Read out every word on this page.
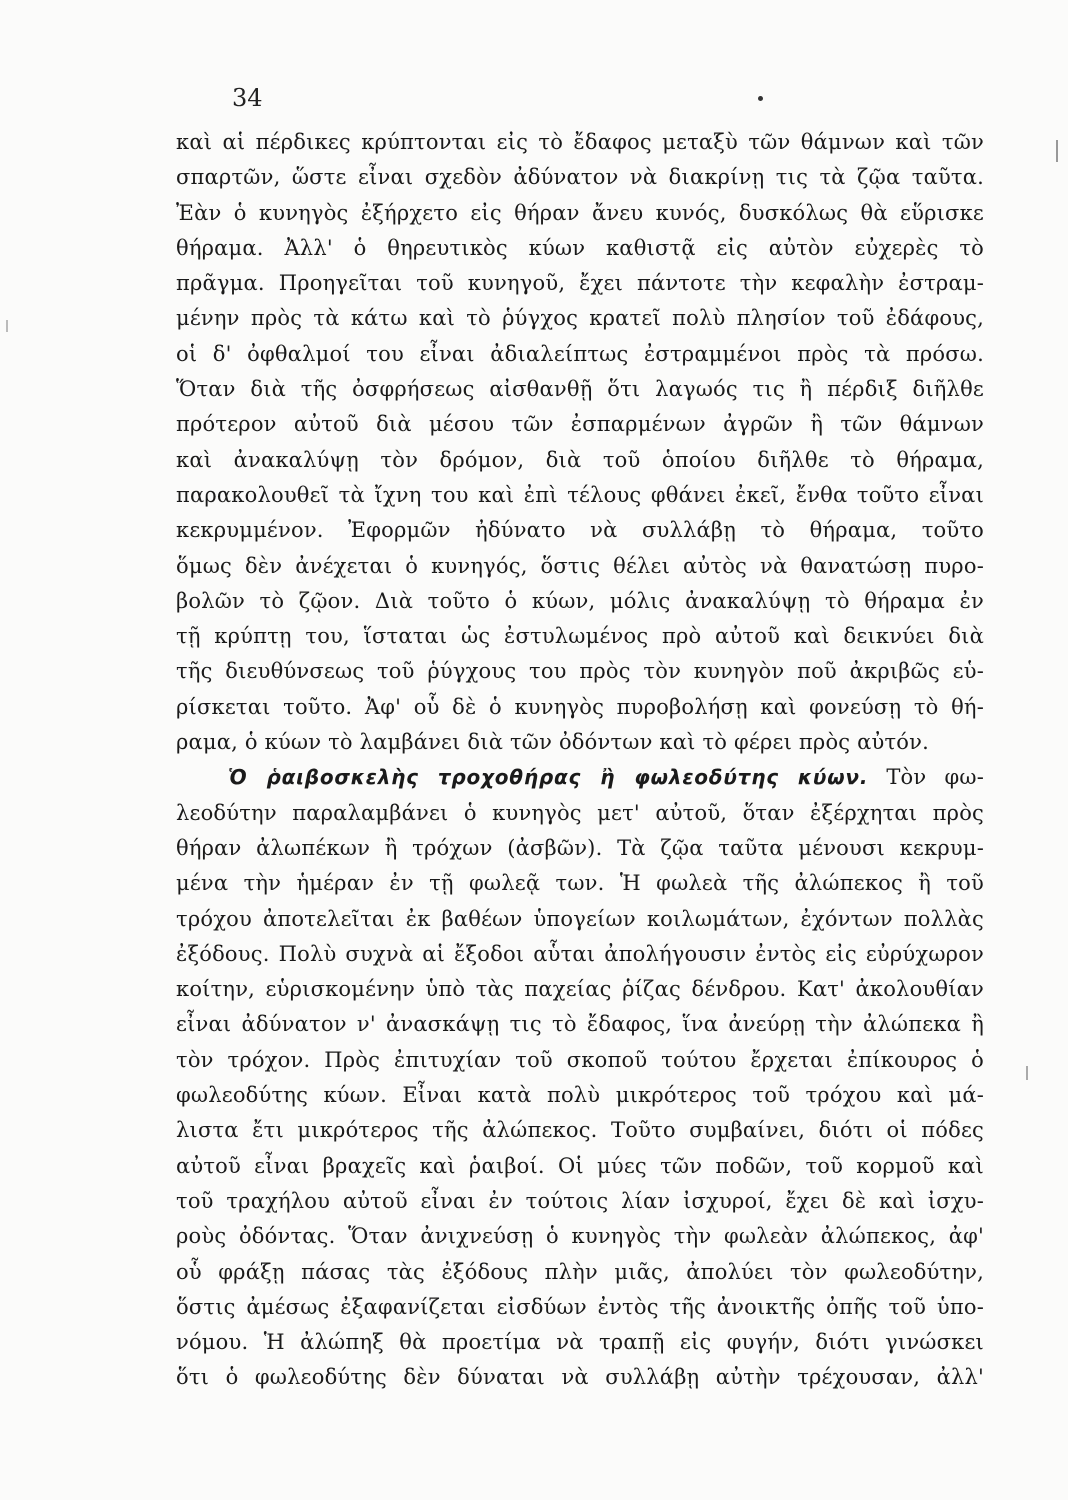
34
καὶ αἱ πέρδικες κρύπτονται εἰς τὸ ἔδαφος μεταξὺ τῶν θάμνων καὶ τῶν
σπαρτῶν, ὥστε εἶναι σχεδὸν ἀδύνατον νὰ διακρίνῃ τις τὰ ζῷα ταῦτα.
Ἐὰν ὁ κυνηγὸς ἐξήρχετο εἰς θήραν ἄνευ κυνός, δυσκόλως θὰ εὕρισκε
θήραμα. Ἀλλ' ὁ θηρευτικὸς κύων καθιστᾷ εἰς αὐτὸν εὐχερὲς τὸ
πρᾶγμα. Προηγεῖται τοῦ κυνηγοῦ, ἔχει πάντοτε τὴν κεφαλὴν ἐστραμ-
μένην πρὸς τὰ κάτω καὶ τὸ ῥύγχος κρατεῖ πολὺ πλησίον τοῦ ἐδάφους,
οἱ δ' ὀφθαλμοί του εἶναι ἀδιαλείπτως ἐστραμμένοι πρὸς τὰ πρόσω.
Ὅταν διὰ τῆς ὀσφρήσεως αἰσθανθῇ ὅτι λαγωός τις ἢ πέρδιξ διῆλθε
πρότερον αὐτοῦ διὰ μέσου τῶν ἐσπαρμένων ἀγρῶν ἢ τῶν θάμνων
καὶ ἀνακαλύψῃ τὸν δρόμον, διὰ τοῦ ὁποίου διῆλθε τὸ θήραμα,
παρακολουθεῖ τὰ ἴχνη του καὶ ἐπὶ τέλους φθάνει ἐκεῖ, ἔνθα τοῦτο εἶναι
κεκρυμμένον. Ἐφορμῶν ἠδύνατο νὰ συλλάβῃ τὸ θήραμα, τοῦτο
ὅμως δὲν ἀνέχεται ὁ κυνηγός, ὅστις θέλει αὐτὸς νὰ θανατώσῃ πυρο-
βολῶν τὸ ζῷον. Διὰ τοῦτο ὁ κύων, μόλις ἀνακαλύψῃ τὸ θήραμα ἐν
τῇ κρύπτῃ του, ἵσταται ὡς ἐστυλωμένος πρὸ αὐτοῦ καὶ δεικνύει διὰ
τῆς διευθύνσεως τοῦ ῥύγχους του πρὸς τὸν κυνηγὸν ποῦ ἀκριβῶς εὑ-
ρίσκεται τοῦτο. Ἀφ' οὗ δὲ ὁ κυνηγὸς πυροβολήσῃ καὶ φονεύσῃ τὸ θή-
ραμα, ὁ κύων τὸ λαμβάνει διὰ τῶν ὀδόντων καὶ τὸ φέρει πρὸς αὐτόν.
Ὁ ῥαιβοσκελὴς τροχοθήρας ἢ φωλεοδύτης κύων. Τὸν φω-
λεοδύτην παραλαμβάνει ὁ κυνηγὸς μετ' αὐτοῦ, ὅταν ἐξέρχηται πρὸς
θήραν ἀλωπέκων ἢ τρόχων (ἀσβῶν). Τὰ ζῷα ταῦτα μένουσι κεκρυμ-
μένα τὴν ἡμέραν ἐν τῇ φωλεᾷ των. Ἡ φωλεὰ τῆς ἀλώπεκος ἢ τοῦ
τρόχου ἀποτελεῖται ἐκ βαθέων ὑπογείων κοιλωμάτων, ἐχόντων πολλὰς
ἐξόδους. Πολὺ συχνὰ αἱ ἔξοδοι αὗται ἀπολήγουσιν ἐντὸς εἰς εὐρύχωρον
κοίτην, εὑρισκομένην ὑπὸ τὰς παχείας ῥίζας δένδρου. Κατ' ἀκολουθίαν
εἶναι ἀδύνατον ν' ἀνασκάψῃ τις τὸ ἔδαφος, ἵνα ἀνεύρῃ τὴν ἀλώπεκα ἢ
τὸν τρόχον. Πρὸς ἐπιτυχίαν τοῦ σκοποῦ τούτου ἔρχεται ἐπίκουρος ὁ
φωλεοδύτης κύων. Εἶναι κατὰ πολὺ μικρότερος τοῦ τρόχου καὶ μά-
λιστα ἔτι μικρότερος τῆς ἀλώπεκος. Τοῦτο συμβαίνει, διότι οἱ πόδες
αὐτοῦ εἶναι βραχεῖς καὶ ῥαιβοί. Οἱ μύες τῶν ποδῶν, τοῦ κορμοῦ καὶ
τοῦ τραχήλου αὐτοῦ εἶναι ἐν τούτοις λίαν ἰσχυροί, ἔχει δὲ καὶ ἰσχυ-
ροὺς ὀδόντας. Ὅταν ἀνιχνεύσῃ ὁ κυνηγὸς τὴν φωλεὰν ἀλώπεκος, ἀφ'
οὗ φράξῃ πάσας τὰς ἐξόδους πλὴν μιᾶς, ἀπολύει τὸν φωλεοδύτην,
ὅστις ἀμέσως ἐξαφανίζεται εἰσδύων ἐντὸς τῆς ἀνοικτῆς ὀπῆς τοῦ ὑπο-
νόμου. Ἡ ἀλώπηξ θὰ προετίμα νὰ τραπῇ εἰς φυγήν, διότι γινώσκει
ὅτι ὁ φωλεοδύτης δὲν δύναται νὰ συλλάβῃ αὐτὴν τρέχουσαν, ἀλλ'
